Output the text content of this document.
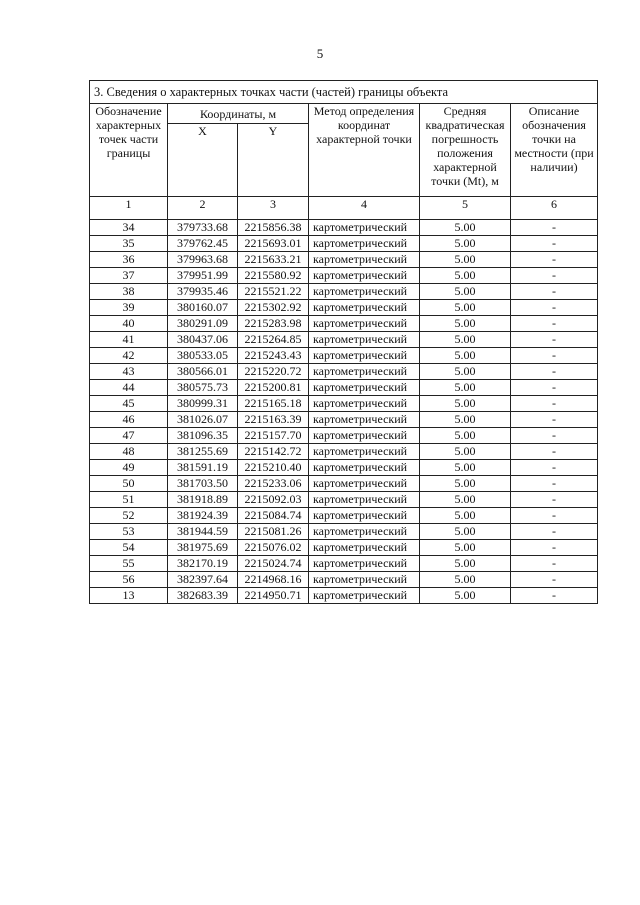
5
3. Сведения о характерных точках части (частей) границы объекта					
Обозначение характерных точек части границы	Координаты, м		Метод определения координат характерной точки	Средняя квадратическая погрешность положения характерной точки (Mt), м	Описание обозначения точки на местности (при наличии)
	X	Y			
1	2	3	4	5	6
34	379733.68	2215856.38	картометрический	5.00	-
35	379762.45	2215693.01	картометрический	5.00	-
36	379963.68	2215633.21	картометрический	5.00	-
37	379951.99	2215580.92	картометрический	5.00	-
38	379935.46	2215521.22	картометрический	5.00	-
39	380160.07	2215302.92	картометрический	5.00	-
40	380291.09	2215283.98	картометрический	5.00	-
41	380437.06	2215264.85	картометрический	5.00	-
42	380533.05	2215243.43	картометрический	5.00	-
43	380566.01	2215220.72	картометрический	5.00	-
44	380575.73	2215200.81	картометрический	5.00	-
45	380999.31	2215165.18	картометрический	5.00	-
46	381026.07	2215163.39	картометрический	5.00	-
47	381096.35	2215157.70	картометрический	5.00	-
48	381255.69	2215142.72	картометрический	5.00	-
49	381591.19	2215210.40	картометрический	5.00	-
50	381703.50	2215233.06	картометрический	5.00	-
51	381918.89	2215092.03	картометрический	5.00	-
52	381924.39	2215084.74	картометрический	5.00	-
53	381944.59	2215081.26	картометрический	5.00	-
54	381975.69	2215076.02	картометрический	5.00	-
55	382170.19	2215024.74	картометрический	5.00	-
56	382397.64	2214968.16	картометрический	5.00	-
13	382683.39	2214950.71	картометрический	5.00	-
